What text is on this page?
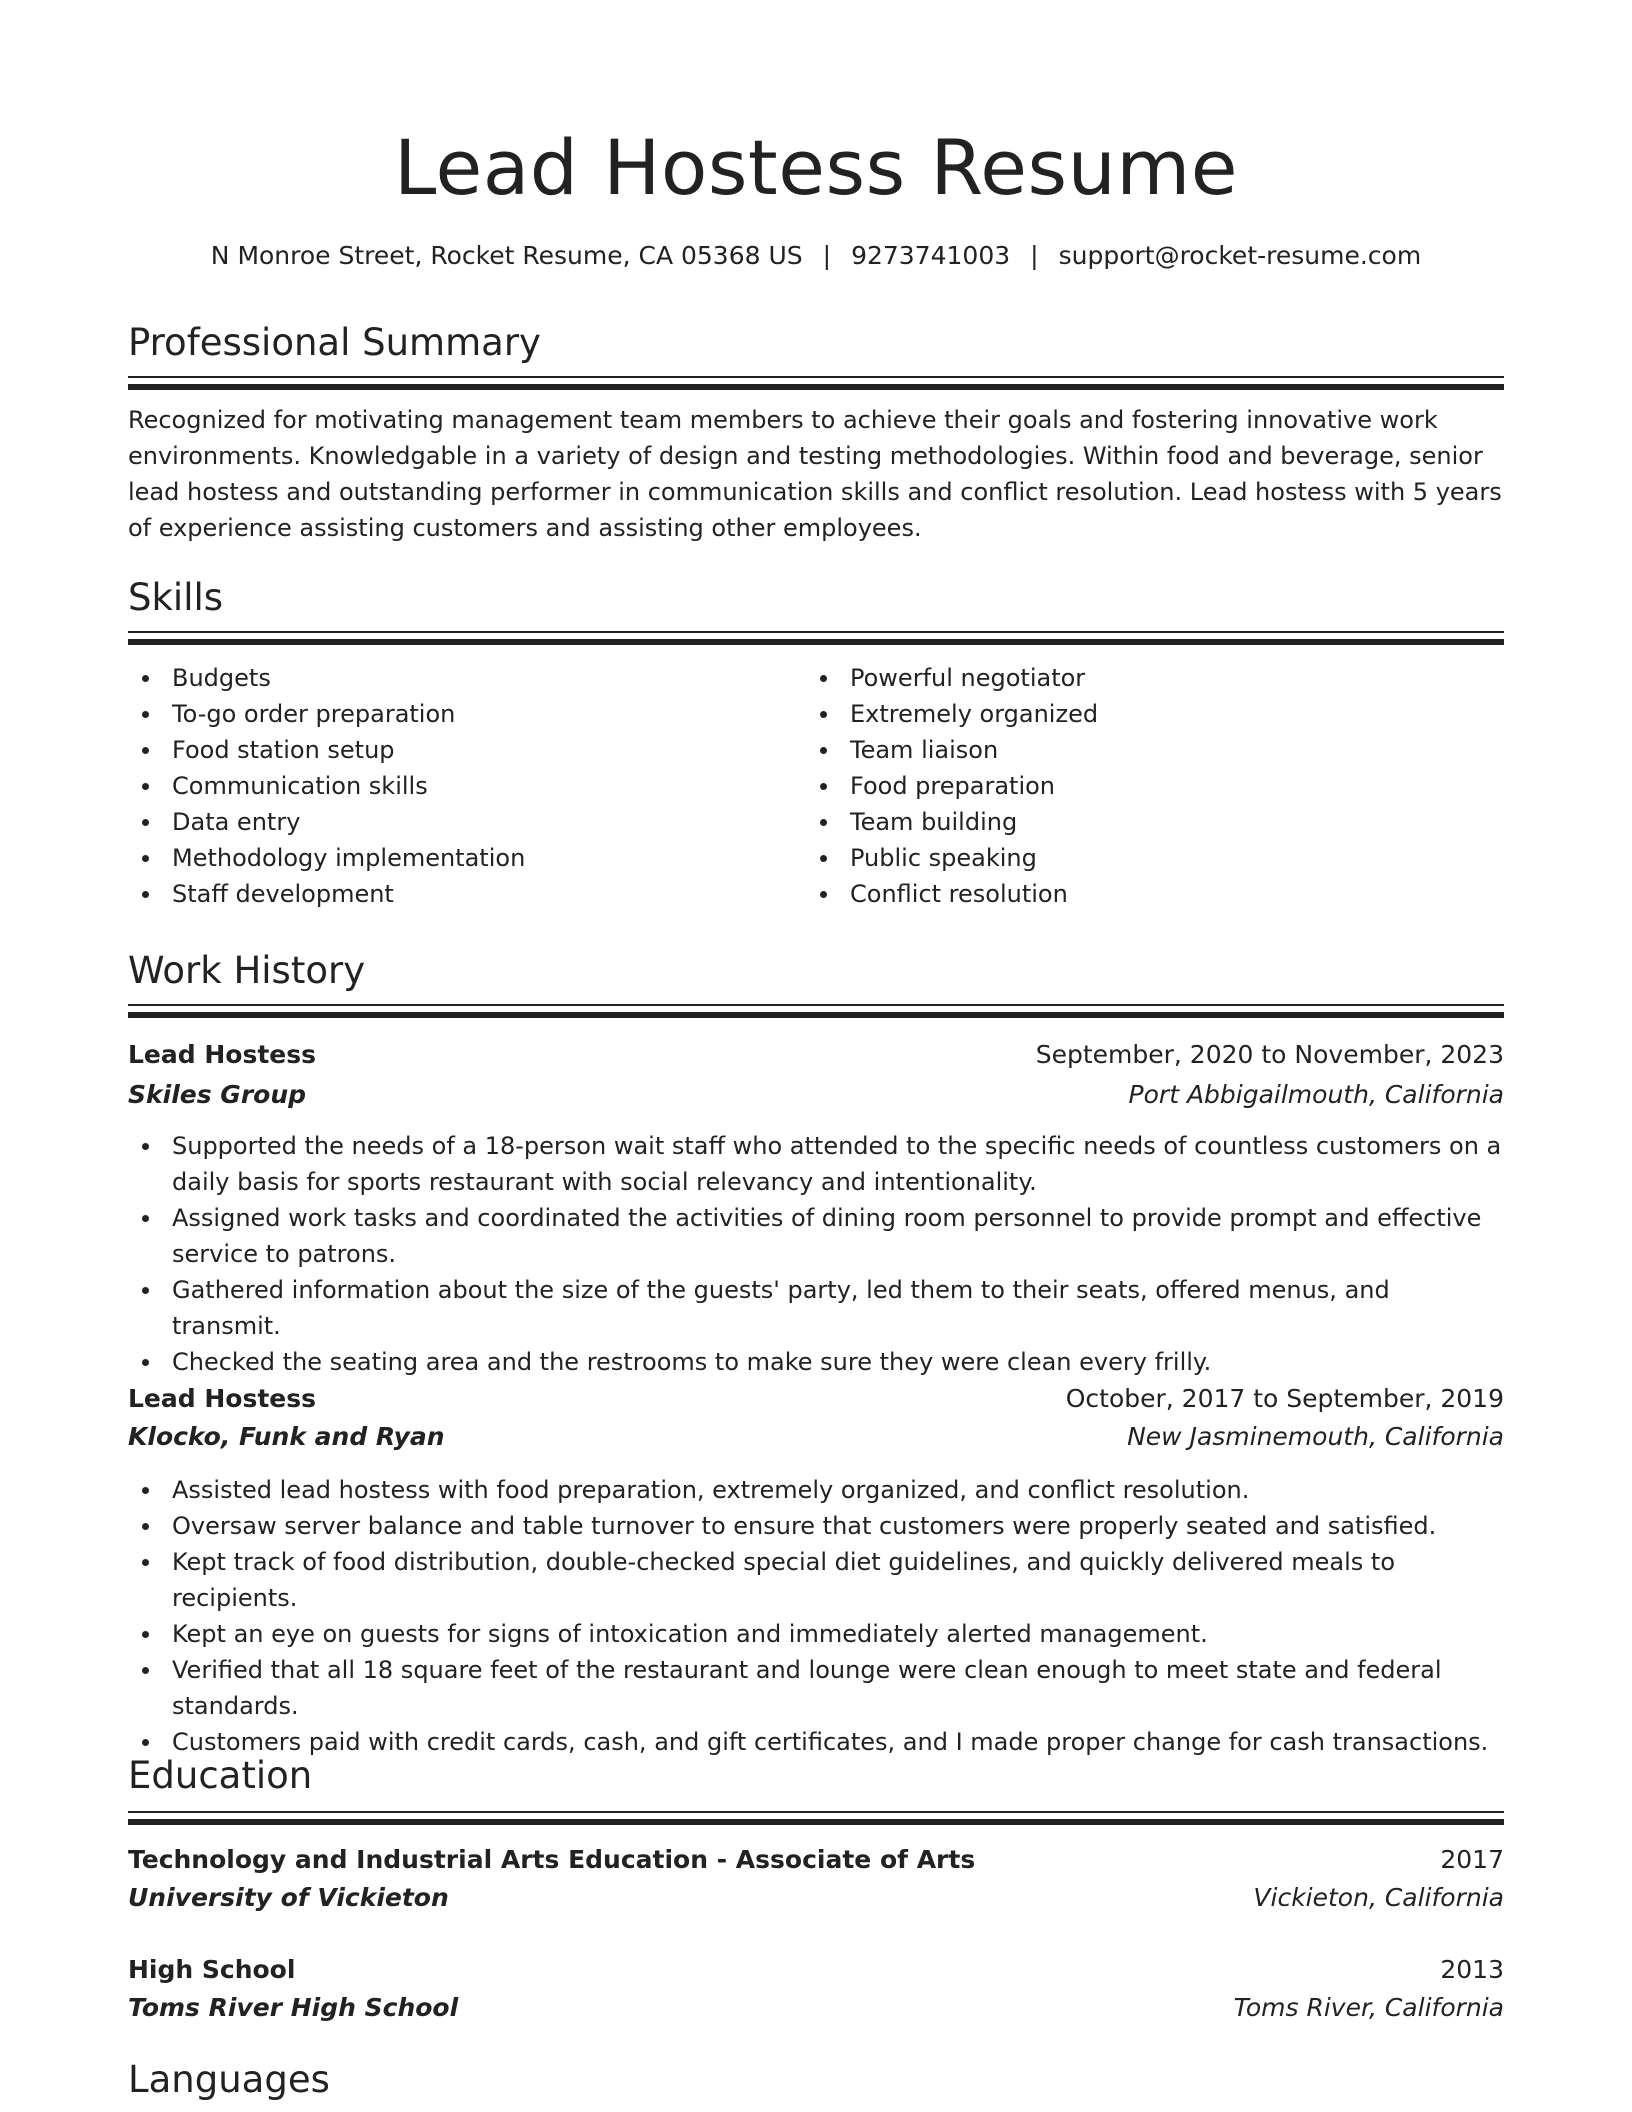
Lead Hostess Resume
N Monroe Street, Rocket Resume, CA 05368 US | 9273741003 | support@rocket-resume.com
Professional Summary

Recognized for motivating management team members to achieve their goals and fostering innovative work environments. Knowledgable in a variety of design and testing methodologies. Within food and beverage, senior lead hostess and outstanding performer in communication skills and conflict resolution. Lead hostess with 5 years of experience assisting customers and assisting other employees.

Skills
Budgets
To-go order preparation
Food station setup
Communication skills
Data entry
Methodology implementation
Staff development
Powerful negotiator
Extremely organized
Team liaison
Food preparation
Team building
Public speaking
Conflict resolution
Work History
Lead Hostess	September, 2020 to November, 2023
Skiles Group	Port Abbigailmouth, California
Supported the needs of a 18-person wait staff who attended to the specific needs of countless customers on a daily basis for sports restaurant with social relevancy and intentionality.
Assigned work tasks and coordinated the activities of dining room personnel to provide prompt and effective service to patrons.
Gathered information about the size of the guests' party, led them to their seats, offered menus, and transmit.
Checked the seating area and the restrooms to make sure they were clean every frilly.
Lead Hostess	October, 2017 to September, 2019
Klocko, Funk and Ryan	New Jasminemouth, California
Assisted lead hostess with food preparation, extremely organized, and conflict resolution.
Oversaw server balance and table turnover to ensure that customers were properly seated and satisfied.
Kept track of food distribution, double-checked special diet guidelines, and quickly delivered meals to recipients.
Kept an eye on guests for signs of intoxication and immediately alerted management.
Verified that all 18 square feet of the restaurant and lounge were clean enough to meet state and federal standards.
Customers paid with credit cards, cash, and gift certificates, and I made proper change for cash transactions.
Education
Technology and Industrial Arts Education - Associate of Arts	2017
University of Vickieton	Vickieton, California
High School	2013
Toms River High School	Toms River, California
Languages
